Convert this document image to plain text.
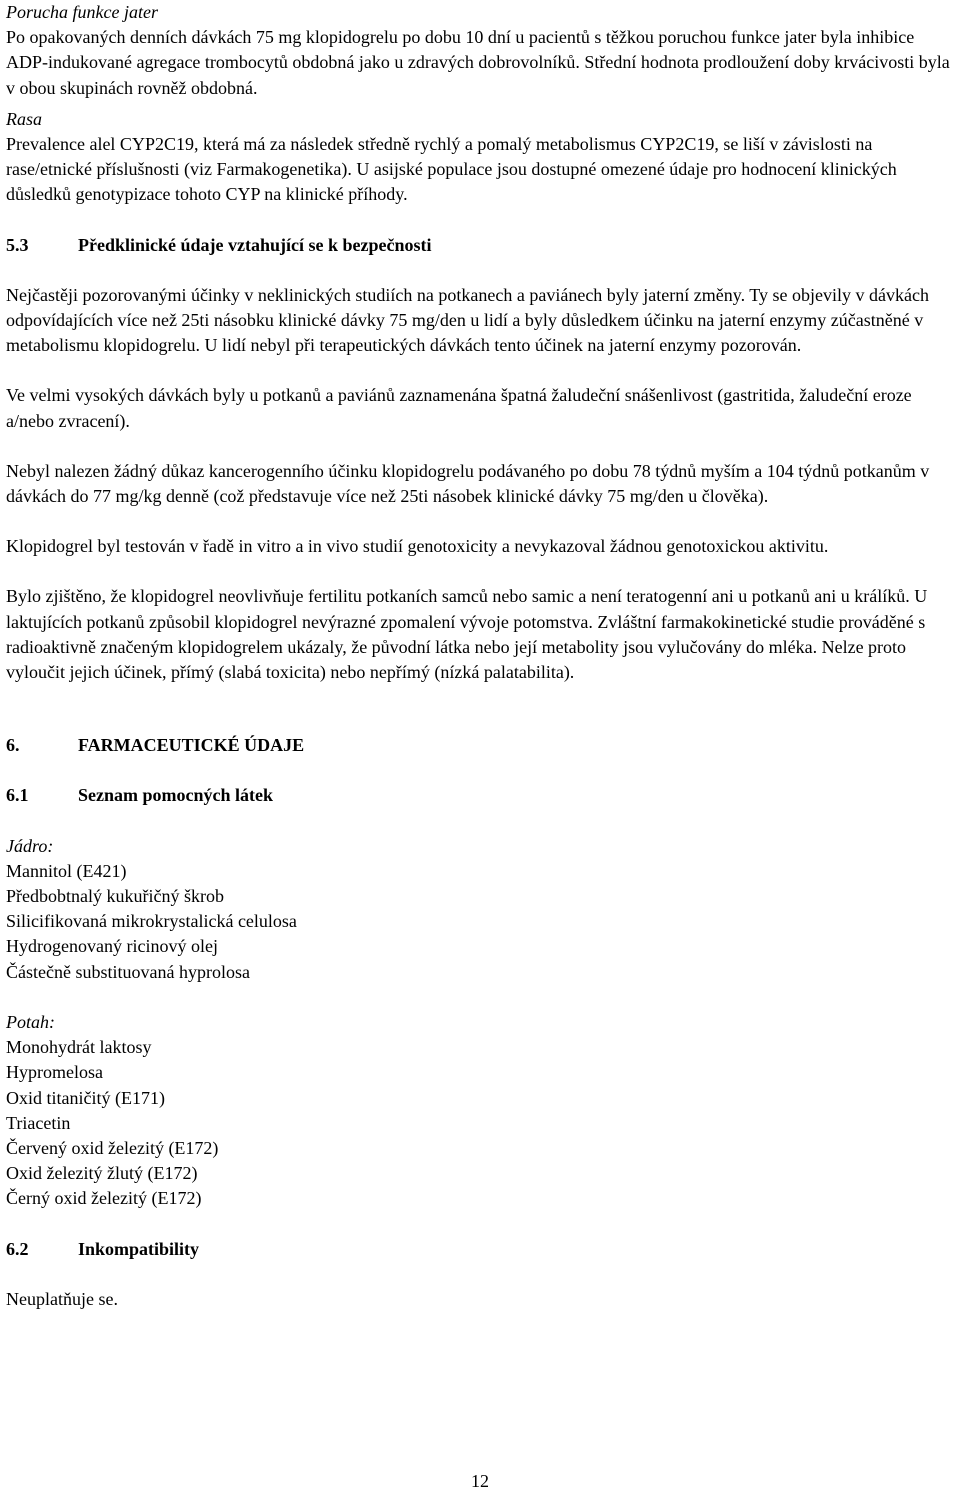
Porucha funkce jater

Po opakovaných denních dávkách 75 mg klopidogrelu po dobu 10 dní u pacientů s těžkou poruchou funkce jater byla inhibice ADP-indukované agregace trombocytů obdobná jako u zdravých dobrovolníků. Střední hodnota prodloužení doby krvácivosti byla v obou skupinách rovněž obdobná.

Rasa

Prevalence alel CYP2C19, která má za následek středně rychlý a pomalý metabolismus CYP2C19, se liší v závislosti na rase/etnické příslušnosti (viz Farmakogenetika). U asijské populace jsou dostupné omezené údaje pro hodnocení klinických důsledků genotypizace tohoto CYP na klinické příhody.

5.3	Předklinické údaje vztahující se k bezpečnosti

Nejčastěji pozorovanými účinky v neklinických studiích na potkanech a paviánech byly jaterní změny. Ty se objevily v dávkách odpovídajících více než 25ti násobku klinické dávky 75 mg/den u lidí a byly důsledkem účinku na jaterní enzymy zúčastněné v metabolismu klopidogrelu. U lidí nebyl při terapeutických dávkách tento účinek na jaterní enzymy pozorován.

Ve velmi vysokých dávkách byly u potkanů a paviánů zaznamenána špatná žaludeční snášenlivost (gastritida, žaludeční eroze a/nebo zvracení).

Nebyl nalezen žádný důkaz kancerogenního účinku klopidogrelu podávaného po dobu 78 týdnů myším a 104 týdnů potkanům v dávkách do 77 mg/kg denně (což představuje více než 25ti násobek klinické dávky 75 mg/den u člověka).

Klopidogrel byl testován v řadě in vitro a in vivo studií genotoxicity a nevykazoval žádnou genotoxickou aktivitu.

Bylo zjištěno, že klopidogrel neovlivňuje fertilitu potkaních samců nebo samic a není teratogenní ani u potkanů ani u králíků. U laktujících potkanů způsobil klopidogrel nevýrazné zpomalení vývoje potomstva. Zvláštní farmakokinetické studie prováděné s radioaktivně značeným klopidogrelem ukázaly, že původní látka nebo její metabolity jsou vylučovány do mléka. Nelze proto vyloučit jejich účinek, přímý (slabá toxicita) nebo nepřímý (nízká palatabilita).

6.	FARMACEUTICKÉ ÚDAJE
6.1	Seznam pomocných látek

Jádro:

Mannitol (E421)
Předbobtnalý kukuřičný škrob
Silicifikovaná mikrokrystalická celulosa
Hydrogenovaný ricinový olej
Částečně substituovaná hyprolosa

Potah:

Monohydrát laktosy
Hypromelosa
Oxid titaničitý (E171)
Triacetin
Červený oxid železitý (E172)
Oxid železitý žlutý (E172)
Černý oxid železitý (E172)
6.2	Inkompatibility

Neuplatňuje se.

12
